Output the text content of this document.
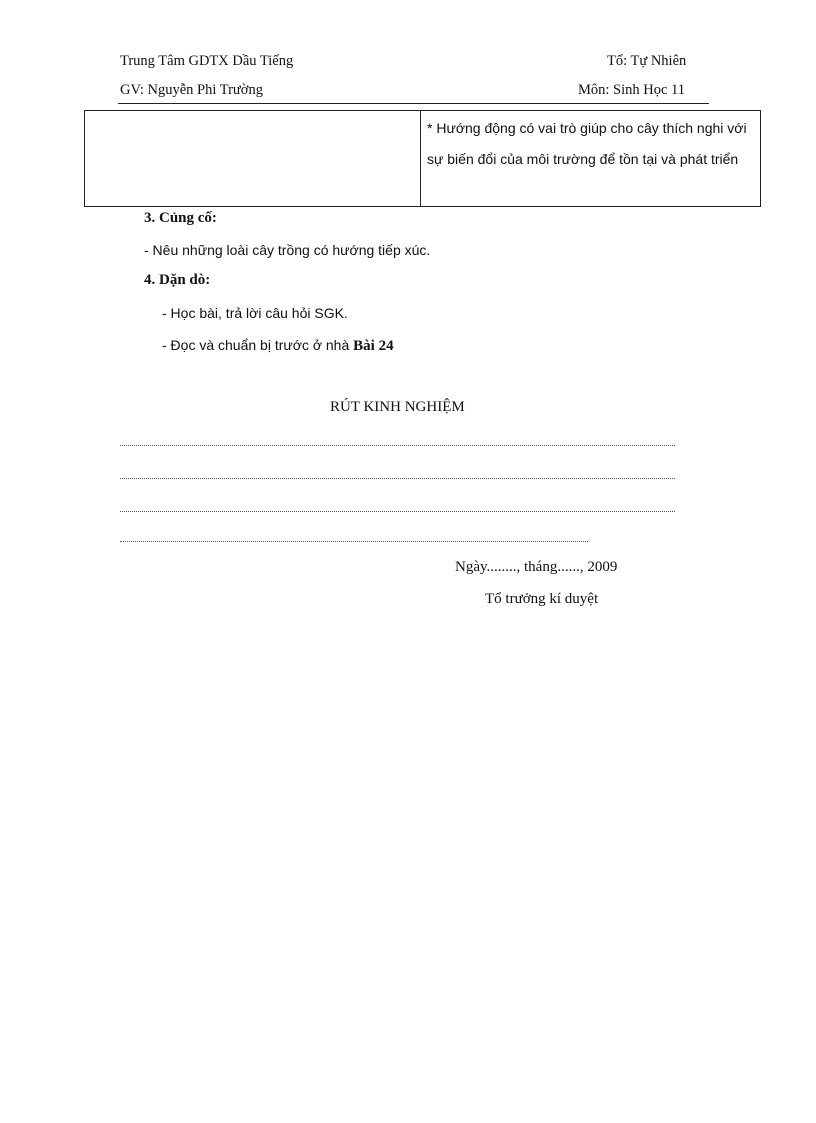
Trung Tâm GDTX Dầu Tiếng	Tổ: Tự Nhiên
GV: Nguyễn Phi Trường	Môn: Sinh Học 11
	* Hướng động có vai trò giúp cho cây thích nghi với sự biến đổi của môi trường để tồn tại và phát triển
3. Củng cố:
- Nêu những loài cây trồng có hướng tiếp xúc.
4. Dặn dò:
- Học bài, trả lời câu hỏi SGK.
- Đọc và chuẩn bị trước ở nhà Bài 24
RÚT KINH NGHIỆM
Ngày........, tháng......, 2009
Tổ trưởng kí duyệt
